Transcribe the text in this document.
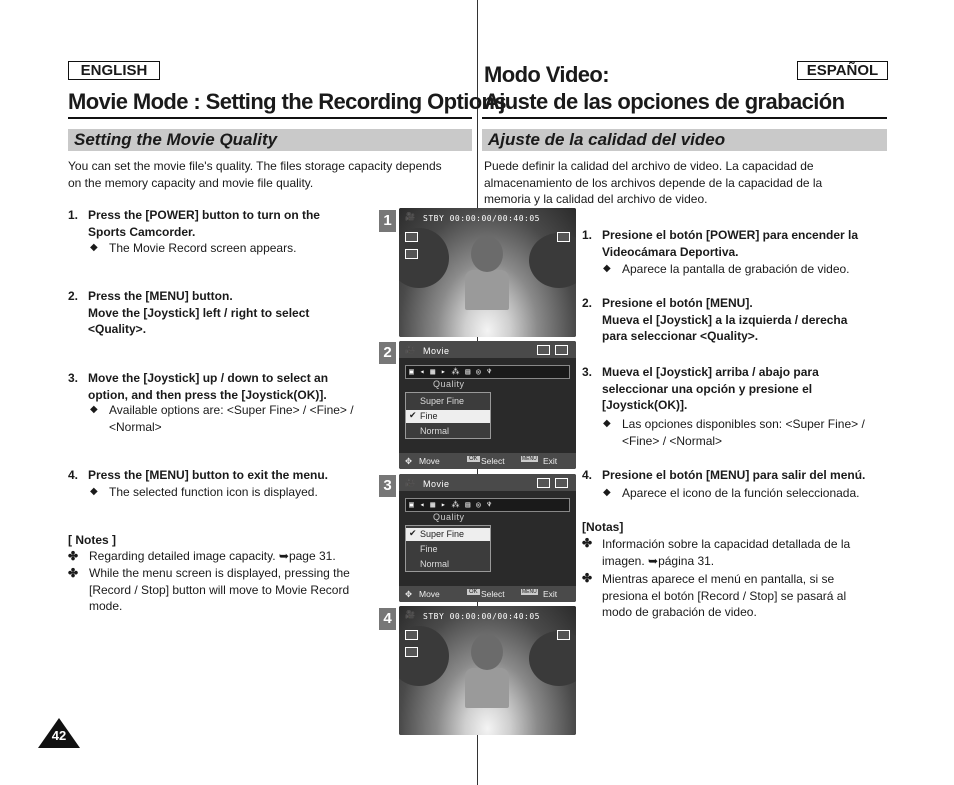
ENGLISH
Movie Mode : Setting the Recording Options
Setting the Movie Quality
You can set the movie file's quality. The files storage capacity depends
on the memory capacity and movie file quality.
1. Press the [POWER] button to turn on the
Sports Camcorder.
The Movie Record screen appears.
◆
2. Press the [MENU] button.
Move the [Joystick] left / right to select
<Quality>.
3. Move the [Joystick] up / down to select an
option, and then press the [Joystick(OK)].
Available options are: <Super Fine> / <Fine> /
<Normal>
◆
4. Press the [MENU] button to exit the menu.
The selected function icon is displayed.
◆
[ Notes ]
✤ Regarding detailed image capacity. ➥page 31.
✤ While the menu screen is displayed, pressing the
[Record / Stop] button will move to Movie Record
mode.
42
ESPAÑOL
Modo Video:
Ajuste de las opciones de grabación
Ajuste de la calidad del video
Puede definir la calidad del archivo de video. La capacidad de
almacenamiento de los archivos depende de la capacidad de la
memoria y la calidad del archivo de video.
1. Presione el botón [POWER] para encender la
Videocámara Deportiva.
Aparece la pantalla de grabación de video.
◆
2. Presione el botón [MENU].
Mueva el [Joystick] a la izquierda / derecha
para seleccionar <Quality>.
3. Mueva el [Joystick] arriba / abajo para
seleccionar una opción y presione el
[Joystick(OK)].
Las opciones disponibles son: <Super Fine> /
<Fine> / <Normal>
◆
4. Presione el botón [MENU] para salir del menú.
Aparece el icono de la función seleccionada.
◆
[Notas]
✤ Información sobre la capacidad detallada de la
imagen. ➥página 31.
✤ Mientras aparece el menú en pantalla, si se
presiona el botón [Record / Stop] se pasará al
modo de grabación de video.
1	🎥 STBY 00:00:00/00:40:05
2	🎥 Movie
▣ ◂ ▦ ▸ ⁂ ▤ ◎ ♆
Quality
Super Fine
Fine
Normal
✔
✥ Move	OK Select	MENU Exit
3	🎥 Movie
▣ ◂ ▦ ▸ ⁂ ▤ ◎ ♆
Quality
Super Fine
Fine
Normal
✔
✥ Move	OK Select	MENU Exit
4	🎥 STBY 00:00:00/00:40:05
